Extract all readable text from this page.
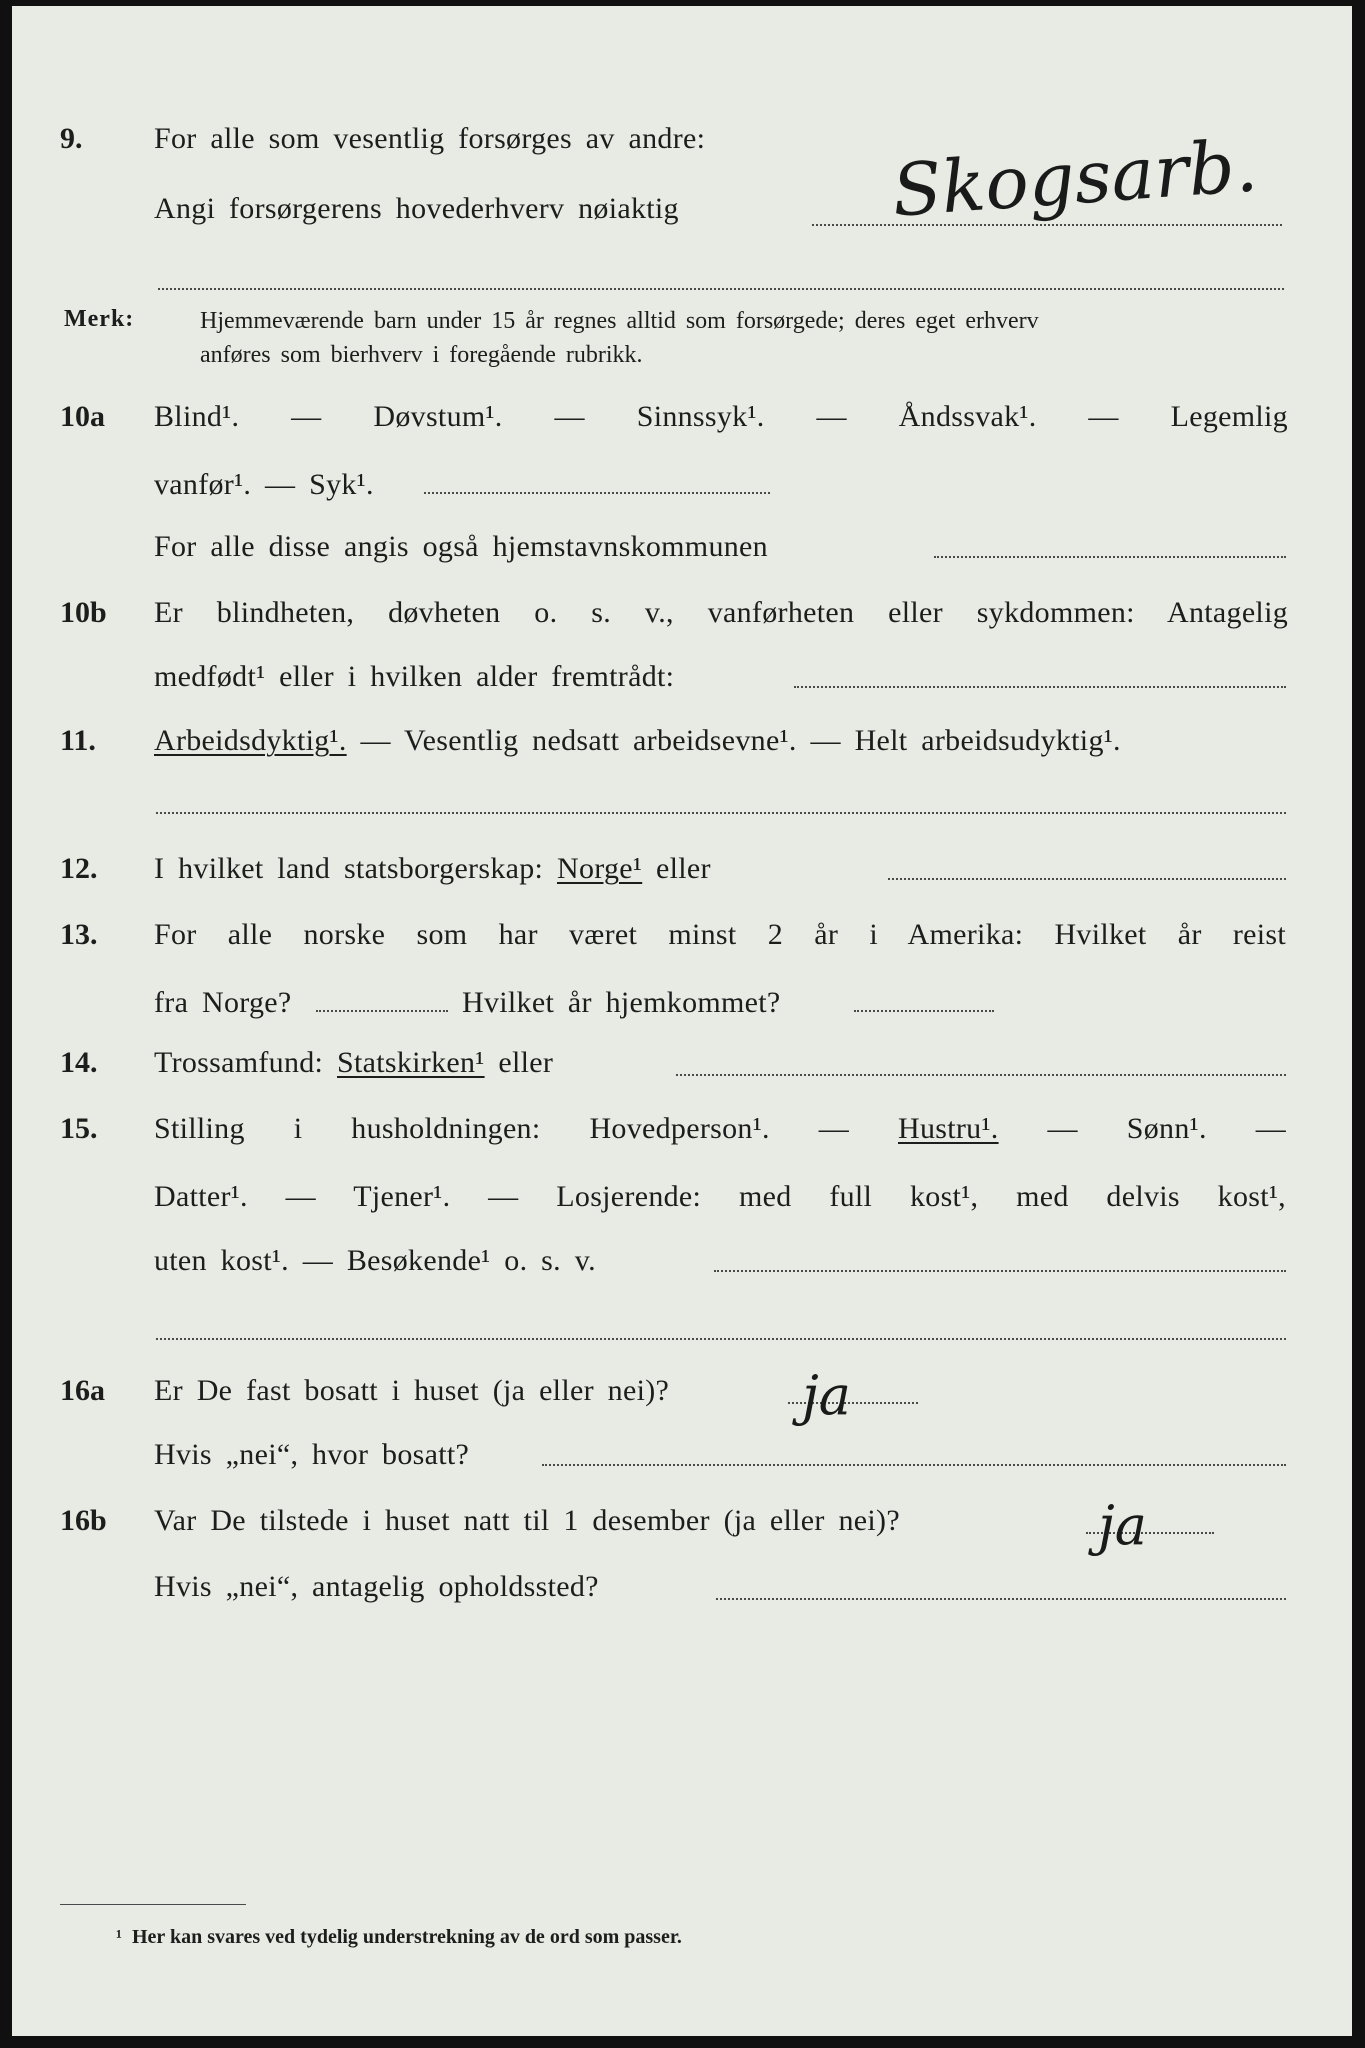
9. For alle som vesentlig forsørges av andre:
Angi forsørgerens hovederhverv nøiaktig	Skogsarb.
Merk:	Hjemmeværende barn under 15 år regnes alltid som forsørgede; deres eget erhverv
anføres som bierhverv i foregående rubrikk.
10a Blind¹. — Døvstum¹. — Sinnssyk¹. — Åndssvak¹. — Legemlig
vanfør¹. — Syk¹.
For alle disse angis også hjemstavnskommunen
10b Er blindheten, døvheten o. s. v., vanførheten eller sykdommen: Antagelig
medfødt¹ eller i hvilken alder fremtrådt:
11. Arbeidsdyktig¹. — Vesentlig nedsatt arbeidsevne¹. — Helt arbeidsudyktig¹.
12. I hvilket land statsborgerskap: Norge¹ eller
13. For alle norske som har været minst 2 år i Amerika: Hvilket år reist
fra Norge?	Hvilket år hjemkommet?
14. Trossamfund: Statskirken¹ eller
15. Stilling i husholdningen: Hovedperson¹. — Hustru¹. — Sønn¹. —
Datter¹. — Tjener¹. — Losjerende: med full kost¹, med delvis kost¹,
uten kost¹. — Besøkende¹ o. s. v.
16a Er De fast bosatt i huset (ja eller nei)? ja
Hvis „nei“, hvor bosatt?
16b Var De tilstede i huset natt til 1 desember (ja eller nei)?	ja
Hvis „nei“, antagelig opholdssted?
¹ Her kan svares ved tydelig understrekning av de ord som passer.
